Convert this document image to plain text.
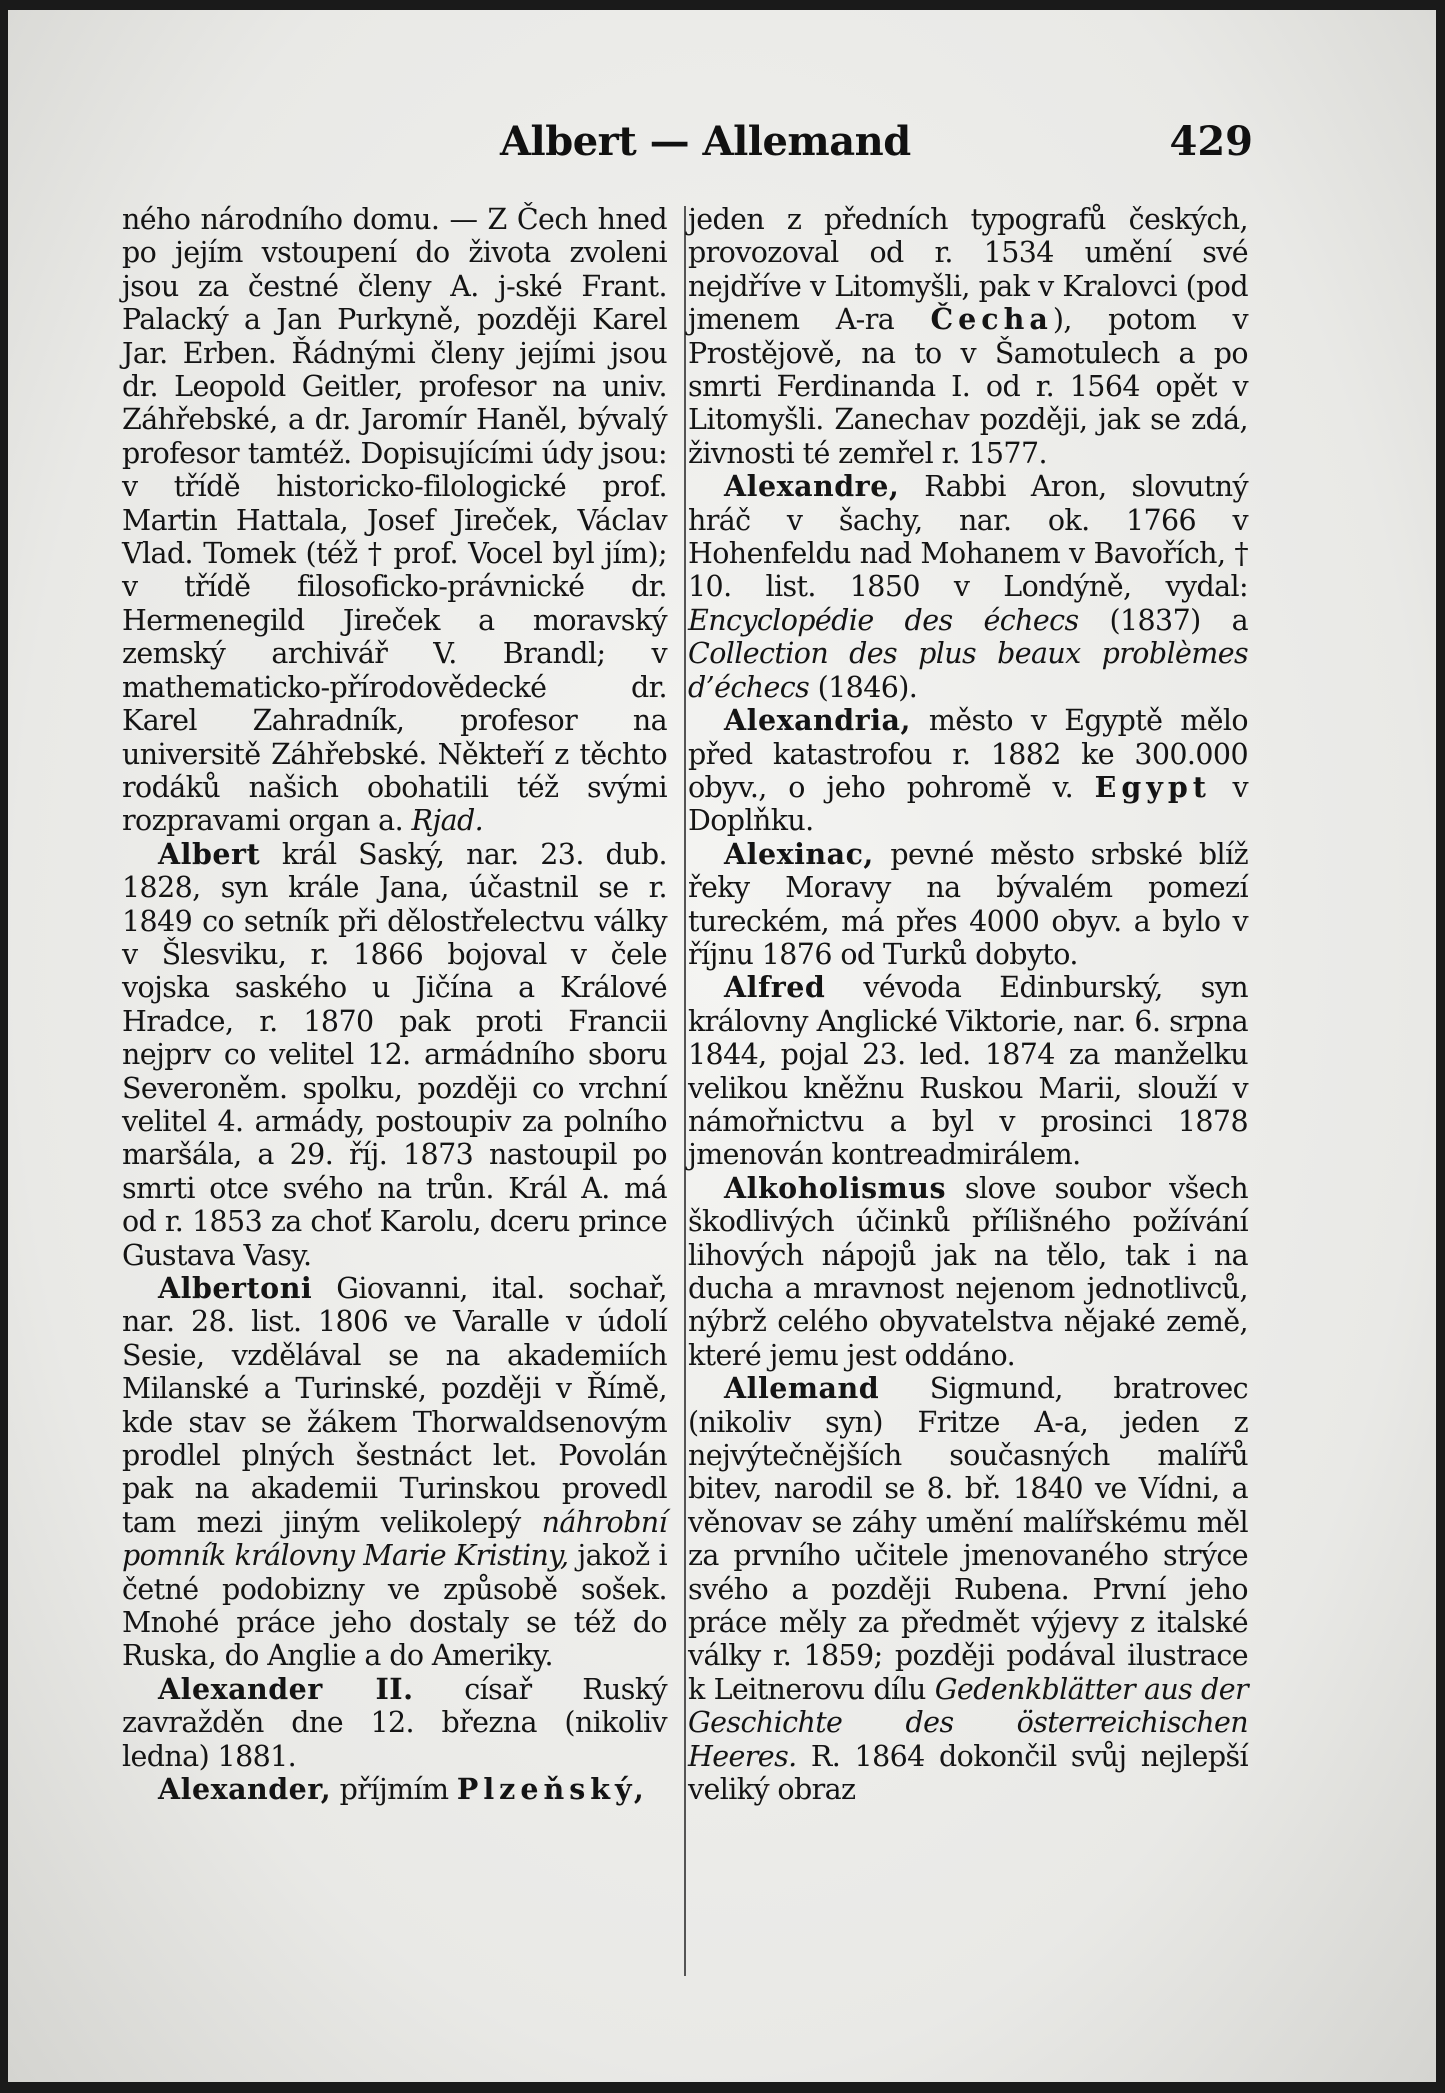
Albert — Allemand	429

ného národního domu. — Z Čech hned po jejím vstoupení do života zvoleni jsou za čestné členy A. j-ské Frant. Palacký a Jan Purkyně, později Karel Jar. Erben. Řádnými členy jejími jsou dr. Leopold Geitler, profesor na univ. Záhřebské, a dr. Jaromír Haněl, bývalý profesor tamtéž. Dopisujícími údy jsou: v třídě historicko-filologické prof. Martin Hattala, Josef Jireček, Václav Vlad. Tomek (též † prof. Vocel byl jím); v třídě filosoficko-právnické dr. Hermenegild Jireček a moravský zemský archivář V. Brandl; v mathematicko-přírodovědecké dr. Karel Zahradník, profesor na universitě Záhřebské. Někteří z těchto rodáků našich obohatili též svými rozpravami organ a. Rjad.

Albert král Saský, nar. 23. dub. 1828, syn krále Jana, účastnil se r. 1849 co setník při dělostřelectvu války v Šlesviku, r. 1866 bojoval v čele vojska saského u Jičína a Králové Hradce, r. 1870 pak proti Francii nejprv co velitel 12. armádního sboru Severoněm. spolku, později co vrchní velitel 4. armády, postoupiv za polního maršála, a 29. říj. 1873 nastoupil po smrti otce svého na trůn. Král A. má od r. 1853 za choť Karolu, dceru prince Gustava Vasy.

Albertoni Giovanni, ital. sochař, nar. 28. list. 1806 ve Varalle v údolí Sesie, vzdělával se na akademiích Milanské a Turinské, později v Římě, kde stav se žákem Thorwaldsenovým prodlel plných šestnáct let. Povolán pak na akademii Turinskou provedl tam mezi jiným velikolepý náhrobní pomník královny Marie Kristiny, jakož i četné podobizny ve způsobě sošek. Mnohé práce jeho dostaly se též do Ruska, do Anglie a do Ameriky.

Alexander II. císař Ruský zavražděn dne 12. března (nikoliv ledna) 1881.

Alexander, příjmím Plzeňský,

jeden z předních typografů českých, provozoval od r. 1534 umění své nejdříve v Litomyšli, pak v Kralovci (pod jmenem A-ra Čecha), potom v Prostějově, na to v Šamotulech a po smrti Ferdinanda I. od r. 1564 opět v Litomyšli. Zanechav později, jak se zdá, živnosti té zemřel r. 1577.

Alexandre, Rabbi Aron, slovutný hráč v šachy, nar. ok. 1766 v Hohenfeldu nad Mohanem v Bavořích, † 10. list. 1850 v Londýně, vydal: Encyclopédie des échecs (1837) a Collection des plus beaux problèmes d’échecs (1846).

Alexandria, město v Egyptě mělo před katastrofou r. 1882 ke 300.000 obyv., o jeho pohromě v. Egypt v Doplňku.

Alexinac, pevné město srbské blíž řeky Moravy na bývalém pomezí tureckém, má přes 4000 obyv. a bylo v říjnu 1876 od Turků dobyto.

Alfred vévoda Edinburský, syn královny Anglické Viktorie, nar. 6. srpna 1844, pojal 23. led. 1874 za manželku velikou kněžnu Ruskou Marii, slouží v námořnictvu a byl v prosinci 1878 jmenován kontreadmirálem.

Alkoholismus slove soubor všech škodlivých účinků přílišného požívání lihových nápojů jak na tělo, tak i na ducha a mravnost nejenom jednotlivců, nýbrž celého obyvatelstva nějaké země, které jemu jest oddáno.

Allemand Sigmund, bratrovec (nikoliv syn) Fritze A-a, jeden z nejvýtečnějších současných malířů bitev, narodil se 8. bř. 1840 ve Vídni, a věnovav se záhy umění malířskému měl za prvního učitele jmenovaného strýce svého a později Rubena. První jeho práce měly za předmět výjevy z italské války r. 1859; později podával ilustrace k Leitnerovu dílu Gedenkblätter aus der Geschichte des österreichischen Heeres. R. 1864 dokončil svůj nejlepší veliký obraz
